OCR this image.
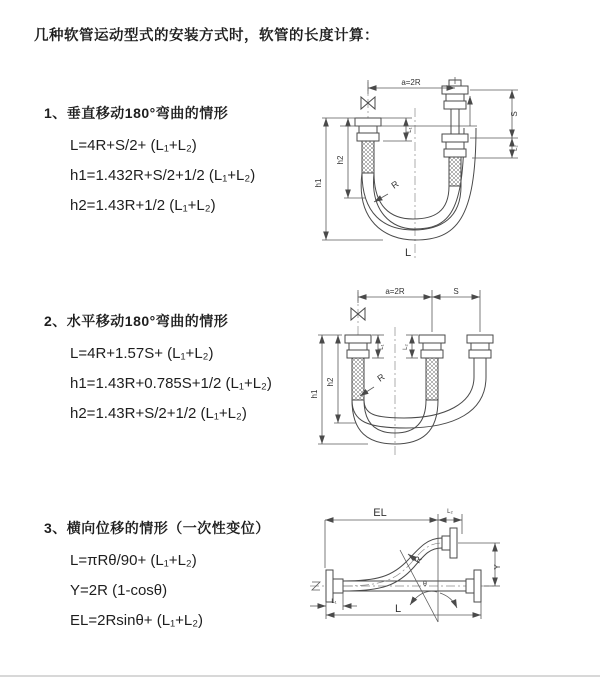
几种软管运动型式的安装方式时，软管的长度计算：
1、垂直移动180°弯曲的情形
L=4R+S/2+ (L₁+L₂)
h1=1.432R+S/2+1/2 (L₁+L₂)
h2=1.43R+1/2 (L₁+L₂)
2、水平移动180°弯曲的情形
L=4R+1.57S+ (L₁+L₂)
h1=1.43R+0.785S+1/2 (L₁+L₂)
h2=1.43R+S/2+1/2 (L₁+L₂)
3、横向位移的情形（一次性变位）
L=πRθ/90+ (L₁+L₂)
Y=2R (1-cosθ)
EL=2Rsinθ+ (L₁+L₂)
a=2R
h1
h2
L₁
S
L₂
R
L
a=2R	S
h1
h2
L₁	L₂
R
θ
EL	L₂
Y
L
L₁
R
